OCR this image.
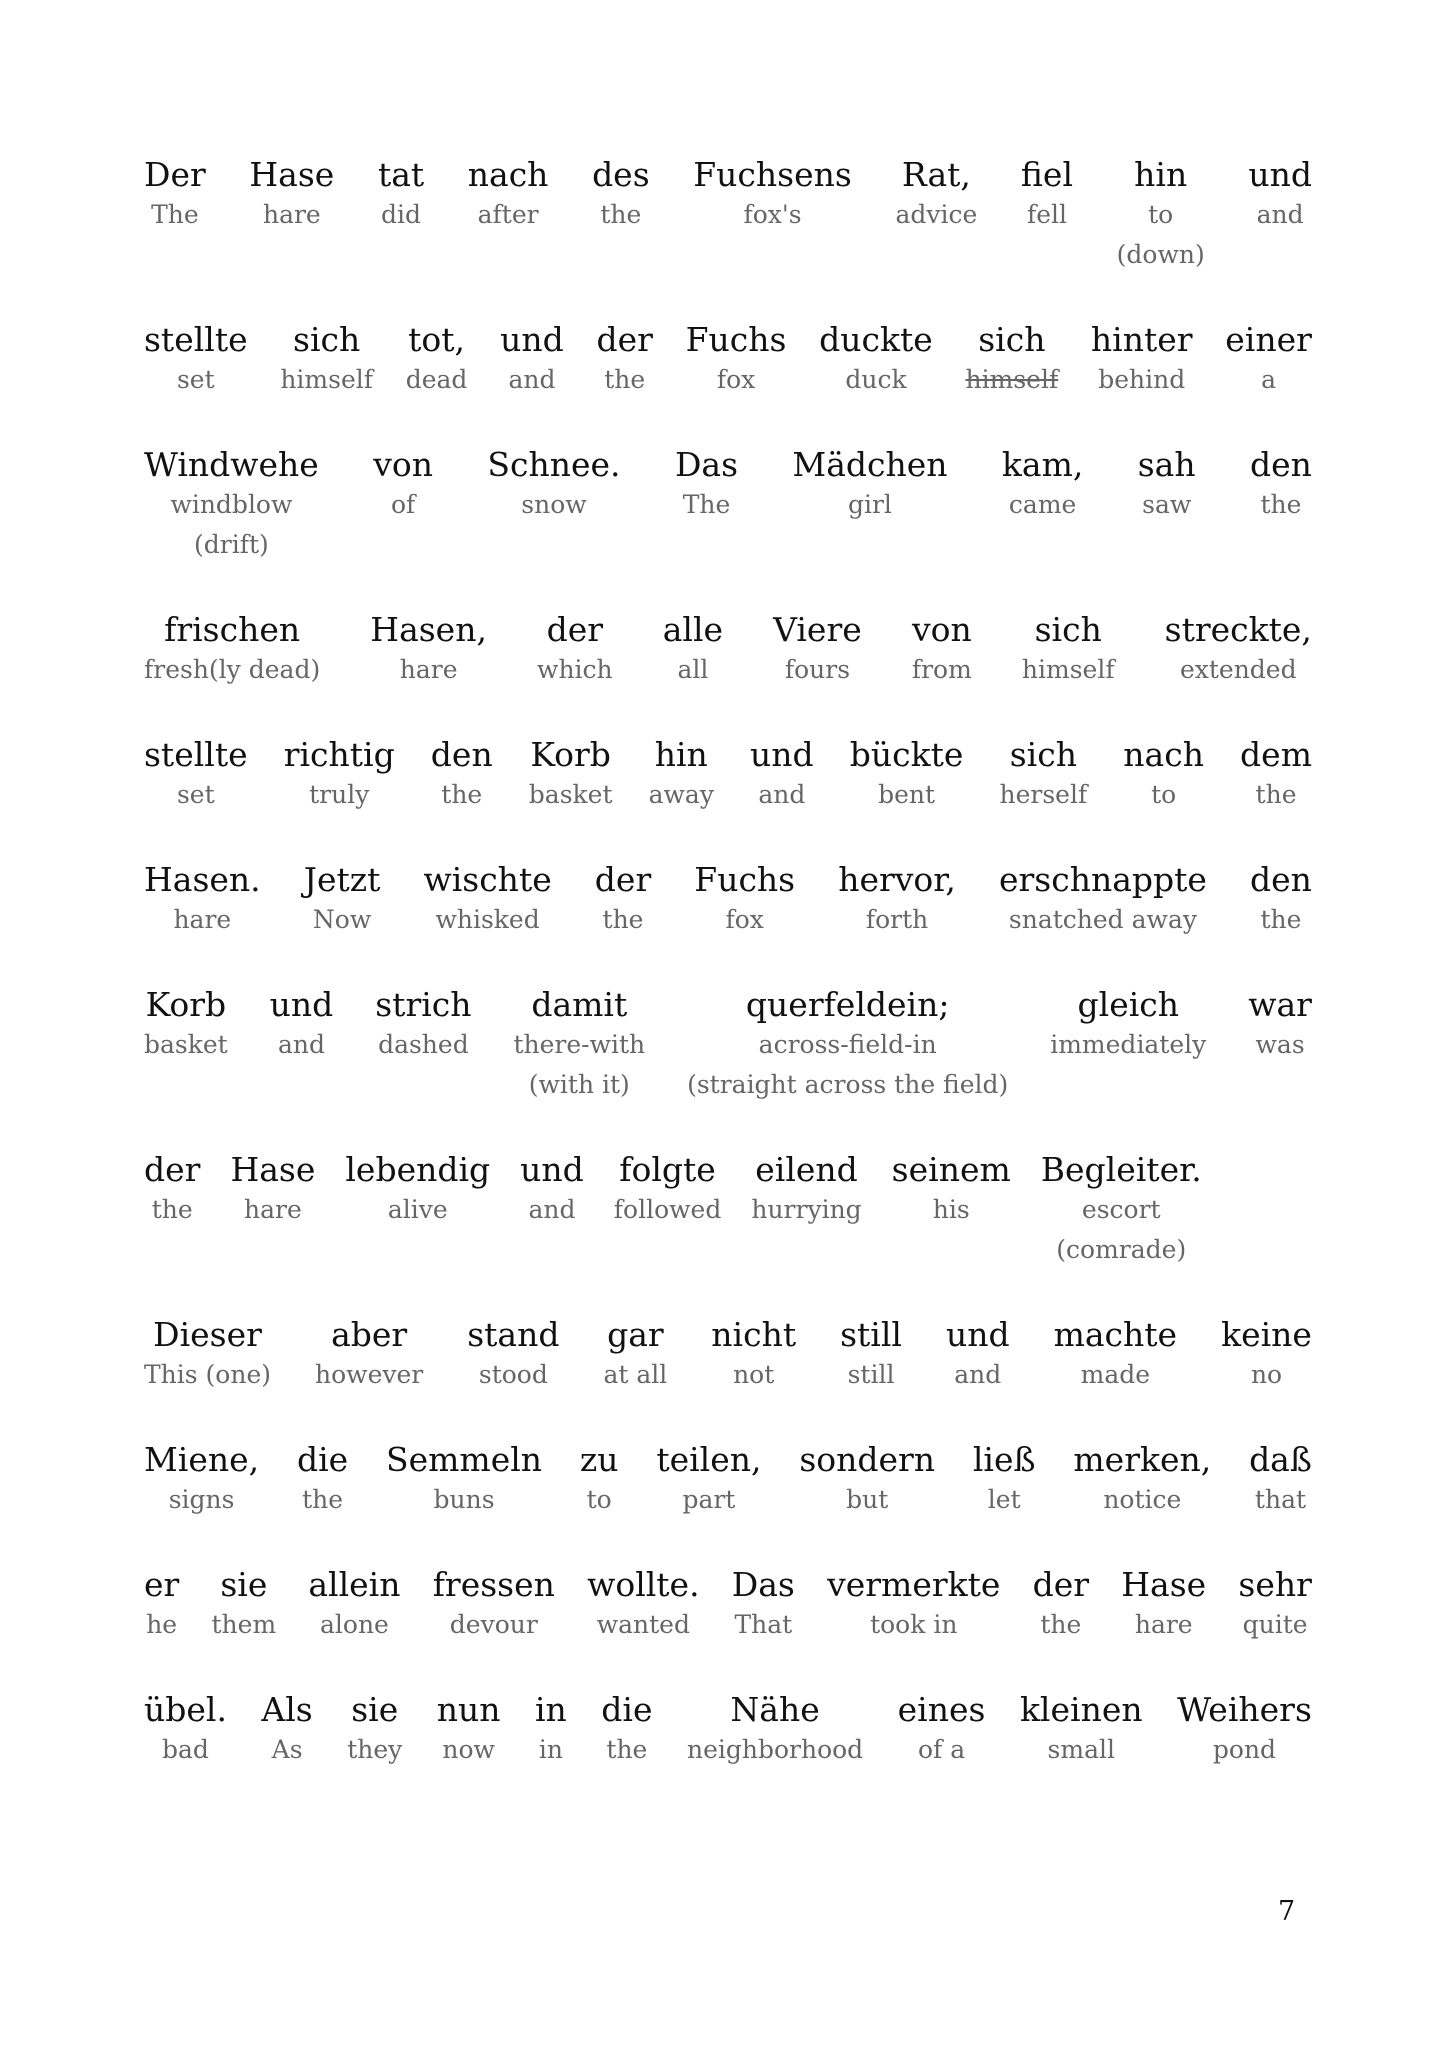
Der
The
Hase
hare
tat
did
nach
after
des
the
Fuchsens
fox's
Rat,
advice
fiel
fell
hin
to
(down)
und
and
stellte
set
sich
himself
tot,
dead
und
and
der
the
Fuchs
fox
duckte
duck
sich
himself
hinter
behind
einer
a
Windwehe
windblow
(drift)
von
of
Schnee.
snow
Das
The
Mädchen
girl
kam,
came
sah
saw
den
the
frischen
fresh(ly dead)
Hasen,
hare
der
which
alle
all
Viere
fours
von
from
sich
himself
streckte,
extended
stellte
set
richtig
truly
den
the
Korb
basket
hin
away
und
and
bückte
bent
sich
herself
nach
to
dem
the
Hasen.
hare
Jetzt
Now
wischte
whisked
der
the
Fuchs
fox
hervor,
forth
erschnappte
snatched away
den
the
Korb
basket
und
and
strich
dashed
damit
there-with
(with it)
querfeldein;
across-field-in
(straight across the field)
gleich
immediately
war
was
der
the
Hase
hare
lebendig
alive
und
and
folgte
followed
eilend
hurrying
seinem
his
Begleiter.
escort
(comrade)
Dieser
This (one)
aber
however
stand
stood
gar
at all
nicht
not
still
still
und
and
machte
made
keine
no
Miene,
signs
die
the
Semmeln
buns
zu
to
teilen,
part
sondern
but
ließ
let
merken,
notice
daß
that
er
he
sie
them
allein
alone
fressen
devour
wollte.
wanted
Das
That
vermerkte
took in
der
the
Hase
hare
sehr
quite
übel.
bad
Als
As
sie
they
nun
now
in
in
die
the
Nähe
neighborhood
eines
of a
kleinen
small
Weihers
pond
7
